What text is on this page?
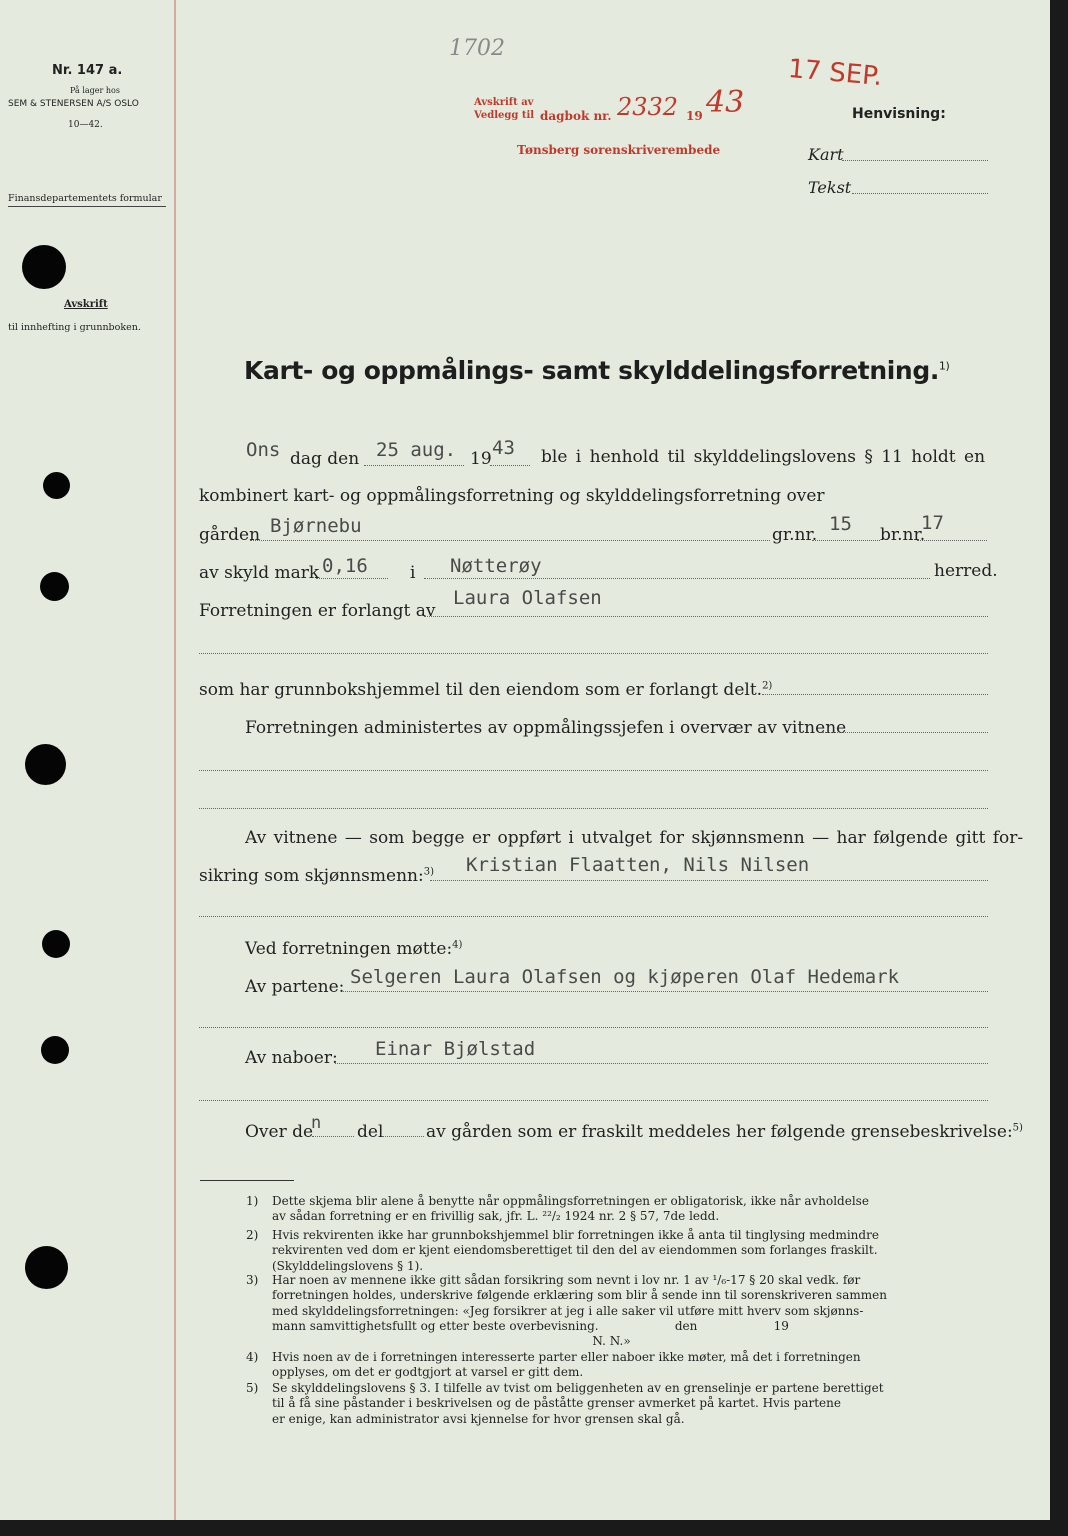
Nr. 147 a.
På lager hos
SEM & STENERSEN A/S OSLO
10—42.
Finansdepartementets formular
Avskrift
til innhefting i grunnboken.
1702
Avskrift av
Vedlegg til dagbok nr. 2332 19 43
Tønsberg sorenskriverembede
17 SEP.
Henvisning:
Kart
Tekst
Kart- og oppmålings- samt skylddelingsforretning.$^{1)}$
Ons dag den 25 aug. 19 43 ble i henhold til skylddelingslovens § 11 holdt en
kombinert kart- og oppmålingsforretning og skylddelingsforretning over
gården Bjørnebu	gr.nr. 15 br.nr.
17
av skyld mark 0,16 i Nøtterøy	herred.
Forretningen er forlangt av
Laura Olafsen
som har grunnbokshjemmel til den eiendom som er forlangt delt.$^{2)}$
Forretningen administertes av oppmålingssjefen i overvær av vitnene
Av vitnene — som begge er oppført i utvalget for skjønnsmenn — har følgende gitt for-
sikring som skjønnsmenn:$^{3)}$ Kristian Flaatten, Nils Nilsen
Ved forretningen møtte:$^{4)}$
Av partene: Selgeren Laura Olafsen og kjøperen Olaf Hedemark
Av naboer: Einar Bjølstad
Over de
n del	av gården som er fraskilt meddeles her følgende grensebeskrivelse:$^{5)}$
1) Dette skjema blir alene å benytte når oppmålingsforretningen er obligatorisk, ikke når avholdelse
av sådan forretning er en frivillig sak, jfr. L. ²²/₂ 1924 nr. 2 § 57, 7de ledd.
2) Hvis rekvirenten ikke har grunnbokshjemmel blir forretningen ikke å anta til tinglysing medmindre
rekvirenten ved dom er kjent eiendomsberettiget til den del av eiendommen som forlanges fraskilt.
(Skylddelingslovens § 1).
3) Har noen av mennene ikke gitt sådan forsikring som nevnt i lov nr. 1 av ¹/₆-17 § 20 skal vedk. før
forretningen holdes, underskrive følgende erklæring som blir å sende inn til sorenskriveren sammen
med skylddelingsforretningen: «Jeg forsikrer at jeg i alle saker vil utføre mitt hverv som skjønns-
mann samvittighetsfullt og etter beste overbevisning.                    den                    19
N. N.»
4) Hvis noen av de i forretningen interesserte parter eller naboer ikke møter, må det i forretningen
opplyses, om det er godtgjort at varsel er gitt dem.
5) Se skylddelingslovens § 3. I tilfelle av tvist om beliggenheten av en grenselinje er partene berettiget
til å få sine påstander i beskrivelsen og de påståtte grenser avmerket på kartet. Hvis partene
er enige, kan administrator avsi kjennelse for hvor grensen skal gå.
